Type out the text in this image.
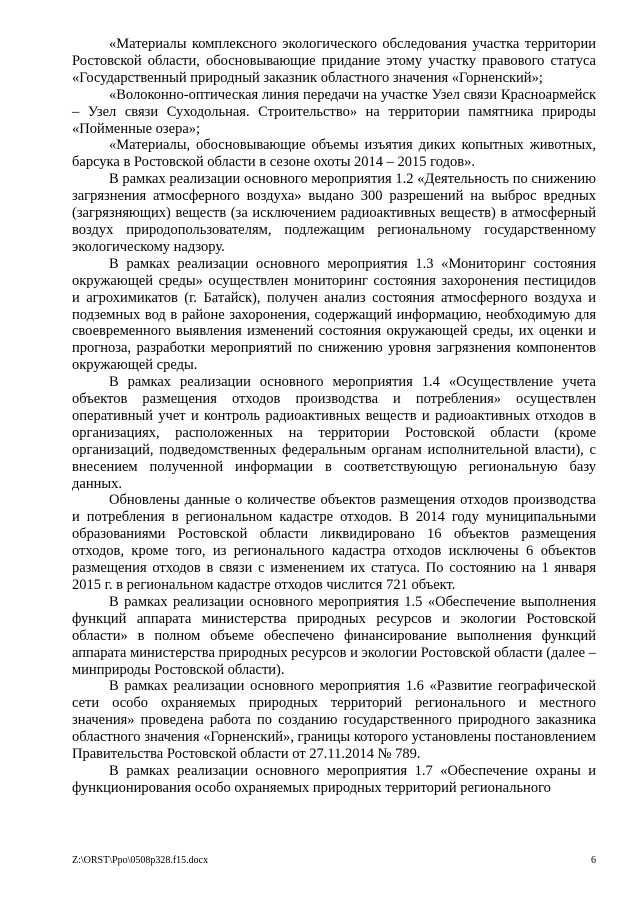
«Материалы комплексного экологического обследования участка территории Ростовской области, обосновывающие придание этому участку правового статуса «Государственный природный заказник областного значения «Горненский»;

«Волоконно-оптическая линия передачи на участке Узел связи Красноармейск – Узел связи Суходольная. Строительство» на территории памятника природы «Пойменные озера»;

«Материалы, обосновывающие объемы изъятия диких копытных животных, барсука в Ростовской области в сезоне охоты 2014 – 2015 годов».

В рамках реализации основного мероприятия 1.2 «Деятельность по снижению загрязнения атмосферного воздуха» выдано 300 разрешений на выброс вредных (загрязняющих) веществ (за исключением радиоактивных веществ) в атмосферный воздух природопользователям, подлежащим региональному государственному экологическому надзору.

В рамках реализации основного мероприятия 1.3 «Мониторинг состояния окружающей среды» осуществлен мониторинг состояния захоронения пестицидов и агрохимикатов (г. Батайск), получен анализ состояния атмосферного воздуха и подземных вод в районе захоронения, содержащий информацию, необходимую для своевременного выявления изменений состояния окружающей среды, их оценки и прогноза, разработки мероприятий по снижению уровня загрязнения компонентов окружающей среды.

В рамках реализации основного мероприятия 1.4 «Осуществление учета объектов размещения отходов производства и потребления» осуществлен оперативный учет и контроль радиоактивных веществ и радиоактивных отходов в организациях, расположенных на территории Ростовской области (кроме организаций, подведомственных федеральным органам исполнительной власти), с внесением полученной информации в соответствующую региональную базу данных.

Обновлены данные о количестве объектов размещения отходов производства и потребления в региональном кадастре отходов. В 2014 году муниципальными образованиями Ростовской области ликвидировано 16 объектов размещения отходов, кроме того, из регионального кадастра отходов исключены 6 объектов размещения отходов в связи с изменением их статуса. По состоянию на 1 января 2015 г. в региональном кадастре отходов числится 721 объект.

В рамках реализации основного мероприятия 1.5 «Обеспечение выполнения функций аппарата министерства природных ресурсов и экологии Ростовской области» в полном объеме обеспечено финансирование выполнения функций аппарата министерства природных ресурсов и экологии Ростовской области (далее – минприроды Ростовской области).

В рамках реализации основного мероприятия 1.6 «Развитие географической сети особо охраняемых природных территорий регионального и местного значения» проведена работа по созданию государственного природного заказника областного значения «Горненский», границы которого установлены постановлением Правительства Ростовской области от 27.11.2014 № 789.

В рамках реализации основного мероприятия 1.7 «Обеспечение охраны и функционирования особо охраняемых природных территорий регионального

Z:\ORST\Ppo\0508p328.f15.docx	6
